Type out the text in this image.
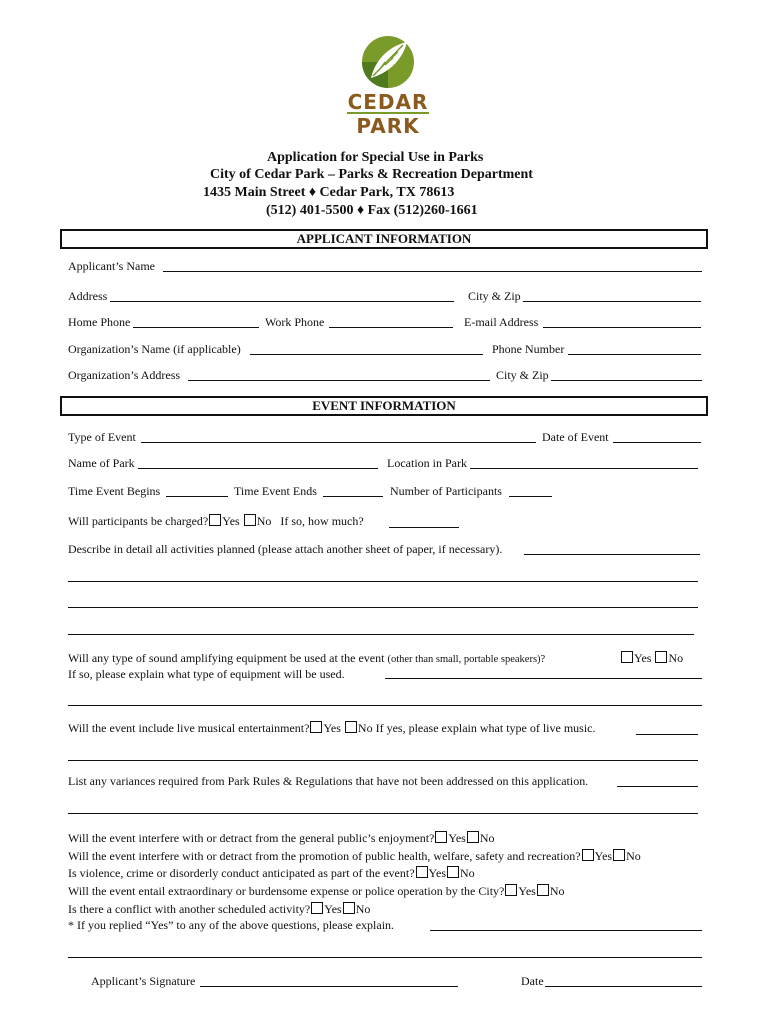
CEDAR
PARK
Application for Special Use in Parks
City of Cedar Park – Parks & Recreation Department
1435 Main Street ♦ Cedar Park, TX 78613
(512) 401-5500 ♦ Fax (512)260-1661
APPLICANT INFORMATION
Applicant’s Name
Address	City & Zip
Home Phone	Work Phone	E-mail Address
Organization’s Name (if applicable)	Phone Number
Organization’s Address	City & Zip
EVENT INFORMATION
Type of Event	Date of Event
Name of Park	Location in Park
Time Event Begins	Time Event Ends	Number of Participants
Will participants be charged? Yes No If so, how much?
Describe in detail all activities planned (please attach another sheet of paper, if necessary).
Will any type of sound amplifying equipment be used at the event (other than small, portable speakers)?	Yes No
If so, please explain what type of equipment will be used.
Will the event include live musical entertainment? Yes No If yes, please explain what type of live music.
List any variances required from Park Rules & Regulations that have not been addressed on this application.
Will the event interfere with or detract from the general public’s enjoyment? Yes No
Will the event interfere with or detract from the promotion of public health, welfare, safety and recreation? Yes No
Is violence, crime or disorderly conduct anticipated as part of the event? Yes No
Will the event entail extraordinary or burdensome expense or police operation by the City? Yes No
Is there a conflict with another scheduled activity? Yes No
* If you replied “Yes” to any of the above questions, please explain.
Applicant’s Signature	Date
